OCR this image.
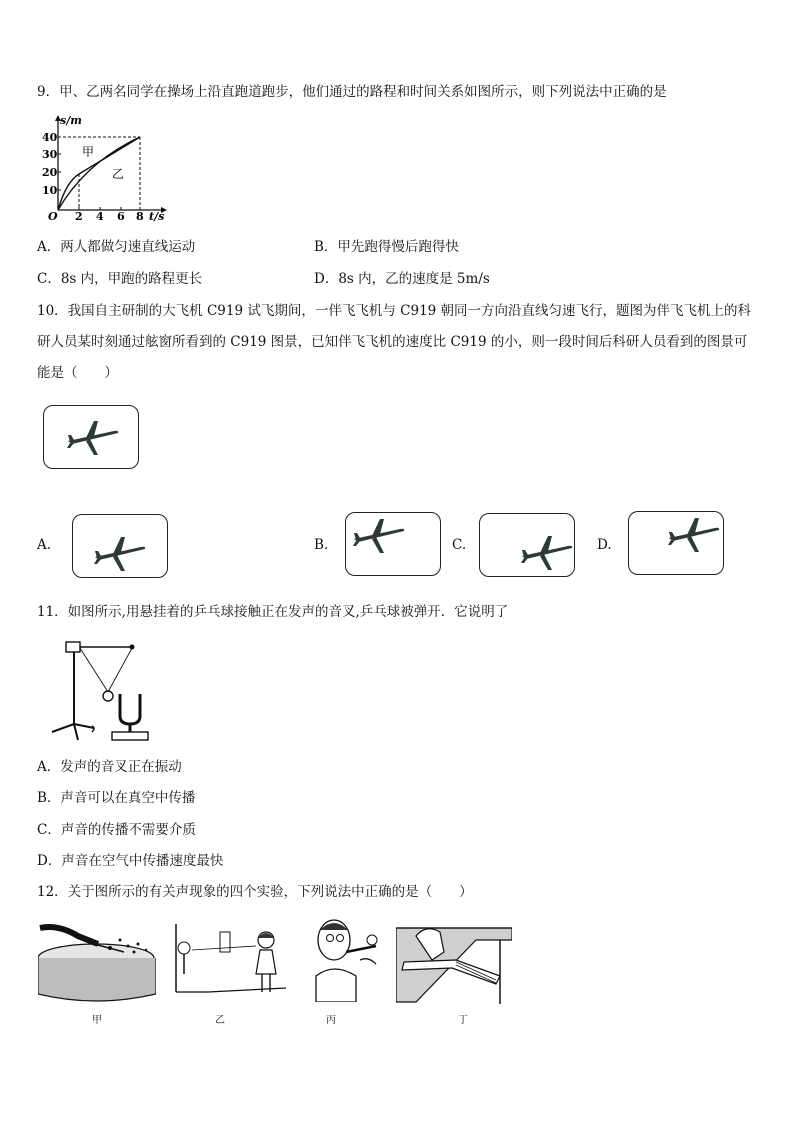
9．甲、乙两名同学在操场上沿直跑道跑步，他们通过的路程和时间关系如图所示，则下列说法中正确的是
s/m
t/s
O
10
20
30
40
2 4 6 8
甲
乙
A．两人都做匀速直线运动	B．甲先跑得慢后跑得快
C．8s 内，甲跑的路程更长	D．8s 内，乙的速度是 5m/s
10．我国自主研制的大飞机 C919 试飞期间，一伴飞飞机与 C919 朝同一方向沿直线匀速飞行，题图为伴飞飞机上的科
研人员某时刻通过舷窗所看到的 C919 图景，已知伴飞飞机的速度比 C919 的小，则一段时间后科研人员看到的图景可
能是（　　）
A.	B.	C.	D.
11．如图所示,用悬挂着的乒乓球接触正在发声的音叉,乒乓球被弹开．它说明了
A．发声的音叉正在振动
B．声音可以在真空中传播
C．声音的传播不需要介质
D．声音在空气中传播速度最快
12．关于图所示的有关声现象的四个实验，下列说法中正确的是（　　）
甲	乙	丙	丁
